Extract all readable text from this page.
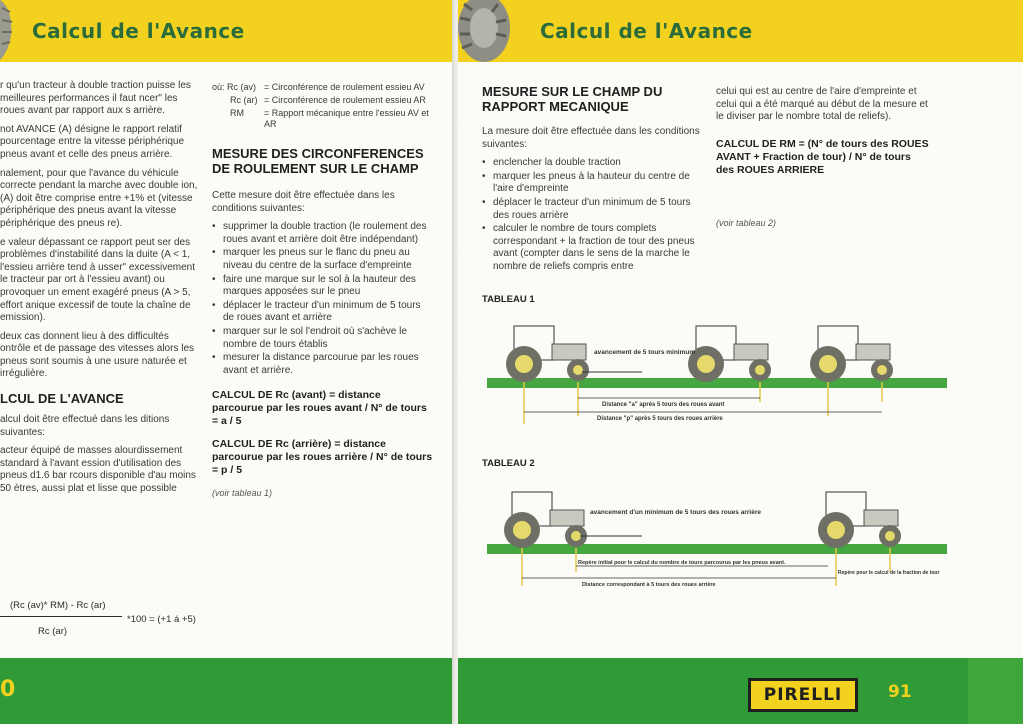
Calcul de l'Avance

r qu'un tracteur à double traction puisse les meilleures performances il faut ncer" les roues avant par rapport aux s arrière.

not AVANCE (A) désigne le rapport relatif pourcentage entre la vitesse périphérique pneus avant et celle des pneus arrière.

nalement, pour que l'avance du véhicule correcte pendant la marche avec double ion, (A) doit être comprise entre +1% et (vitesse périphérique des pneus avant la vitesse périphérique des pneus re).

e valeur dépassant ce rapport peut ser des problèmes d'instabilité dans la duite (A < 1, l'essieu arrière tend à usser" excessivement le tracteur par ort à l'essieu avant) ou provoquer un ement exagéré pneus (A > 5, effort anique excessif de toute la chaîne de emission).

deux cas donnent lieu à des difficultés ontrôle et de passage des vitesses alors les pneus sont soumis à une usure naturée et irrégulière.

LCUL DE L'AVANCE

alcul doit être effectué dans les ditions suivantes:

acteur équipé de masses alourdissement standard à l'avant ession d'utilisation des pneus d1.6 bar rcours disponible d'au moins 50 ètres, aussi plat et lisse que possible

(Rc (av)* RM) - Rc (ar)
*100 = (+1 á +5)
Rc (ar)
où: Rc (av) = Circonférence de roulement essieu AV
Rc (ar) = Circonférence de roulement essieu AR
RM	= Rapport mécanique entre l'essieu AV et AR
MESURE DES CIRCONFERENCES DE ROULEMENT SUR LE CHAMP

Cette mesure doit être effectuée dans les conditions suivantes:

• supprimer la double traction (le roulement des roues avant et arrière doit être indépendant)
• marquer les pneus sur le flanc du pneu au niveau du centre de la surface d'empreinte
• faire une marque sur le sol à la hauteur des marques apposées sur le pneu
• déplacer le tracteur d'un minimum de 5 tours de roues avant et arrière
• marquer sur le sol l'endroit où s'achève le nombre de tours établis
• mesurer la distance parcourue par les roues avant et arrière.
CALCUL DE Rc (avant) = distance parcourue par les roues avant / N° de tours = a / 5
CALCUL DE Rc (arrière) = distance parcourue par les roues arrière / N° de tours = p / 5
(voir tableau 1)
0
Calcul de l'Avance
MESURE SUR LE CHAMP DU RAPPORT MECANIQUE

La mesure doit être effectuée dans les conditions suivantes:

• enclencher la double traction
• marquer les pneus à la hauteur du centre de l'aire d'empreinte
• déplacer le tracteur d'un minimum de 5 tours des roues arrière
• calculer le nombre de tours complets correspondant + la fraction de tour des pneus avant (compter dans le sens de la marche le nombre de reliefs compris entre

celui qui est au centre de l'aire d'empreinte et celui qui a été marqué au début de la mesure et le diviser par le nombre total de reliefs).

CALCUL DE RM = (N° de tours des ROUES AVANT + Fraction de tour) / N° de tours des ROUES ARRIERE
(voir tableau 2)
TABLEAU 1
avancement de 5 tours minimum
Distance "a" après 5 tours des roues avant
Distance "p" après 5 tours des roues arrière
TABLEAU 2
avancement d'un minimum de 5 tours des roues arrière
Repère initial pour le calcul du nombre de tours parcourus par les pneus avant.
Distance correspondant à 5 tours des roues arrière
Repère pour le calcul de la fraction de tour
PIRELLI	91
